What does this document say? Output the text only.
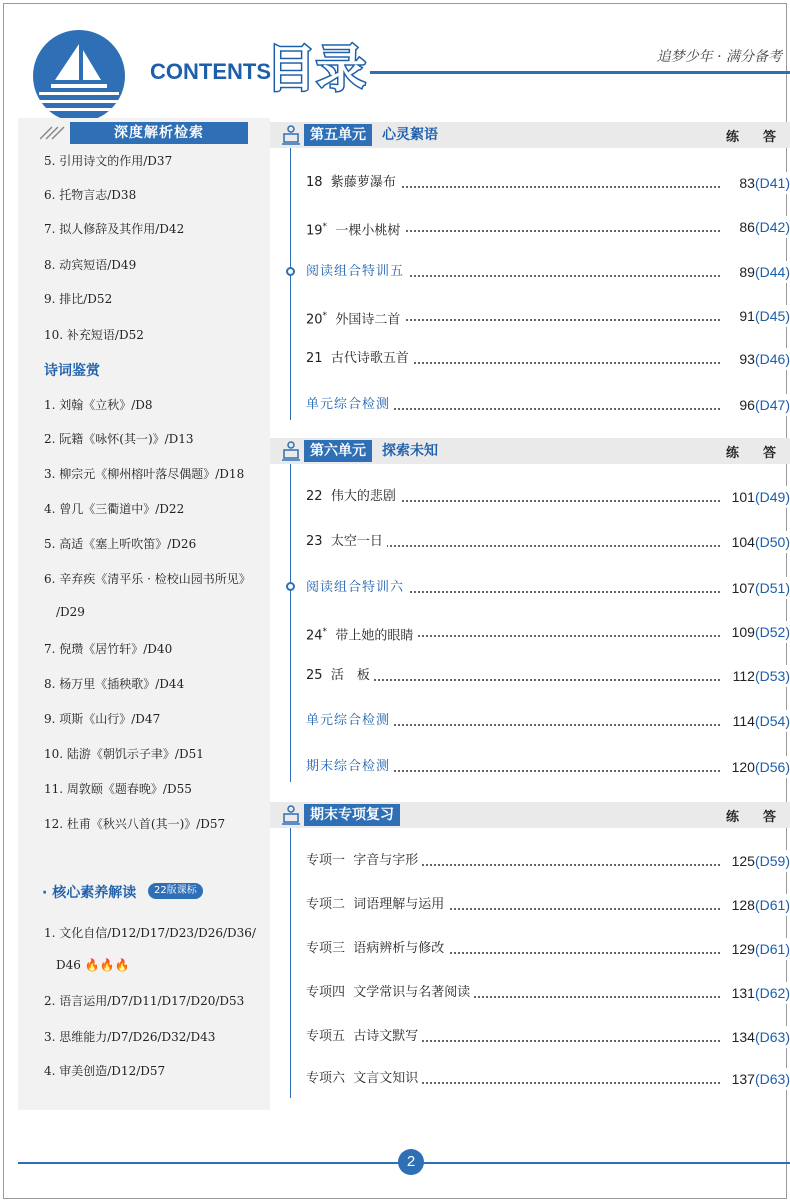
CONTENTS
目录	追梦少年 · 满分备考
深度解析检索
5. 引用诗文的作用/D37
6. 托物言志/D38
7. 拟人修辞及其作用/D42
8. 动宾短语/D49
9. 排比/D52
10. 补充短语/D52
诗词鉴赏
1. 刘翰《立秋》/D8
2. 阮籍《咏怀(其一)》/D13
3. 柳宗元《柳州榕叶落尽偶题》/D18
4. 曾几《三衢道中》/D22
5. 高适《塞上听吹笛》/D26
6. 辛弃疾《清平乐 · 检校山园书所见》
/D29
7. 倪瓒《居竹轩》/D40
8. 杨万里《插秧歌》/D44
9. 项斯《山行》/D47
10. 陆游《朝饥示子聿》/D51
11. 周敦颐《题春晚》/D55
12. 杜甫《秋兴八首(其一)》/D57
· 核心素养解读	22版课标
1. 文化自信/D12/D17/D23/D26/D36/
D46 🔥🔥🔥
2. 语言运用/D7/D11/D17/D20/D53
3. 思维能力/D7/D26/D32/D43
4. 审美创造/D12/D57
第五单元	心灵絮语	练 答
18 紫藤萝瀑布	83(D41)
19* 一棵小桃树	86(D42)
阅读组合特训五	89(D44)
20* 外国诗二首	91(D45)
21 古代诗歌五首	93(D46)
单元综合检测	96(D47)
第六单元	探索未知	练 答
22 伟大的悲剧	101(D49)
23 太空一日	104(D50)
阅读组合特训六	107(D51)
24* 带上她的眼睛	109(D52)
25 活　板	112(D53)
单元综合检测	114(D54)
期末综合检测	120(D56)
期末专项复习	练 答
专项一 字音与字形	125(D59)
专项二 词语理解与运用	128(D61)
专项三 语病辨析与修改	129(D61)
专项四 文学常识与名著阅读	131(D62)
专项五 古诗文默写	134(D63)
专项六 文言文知识	137(D63)
2
